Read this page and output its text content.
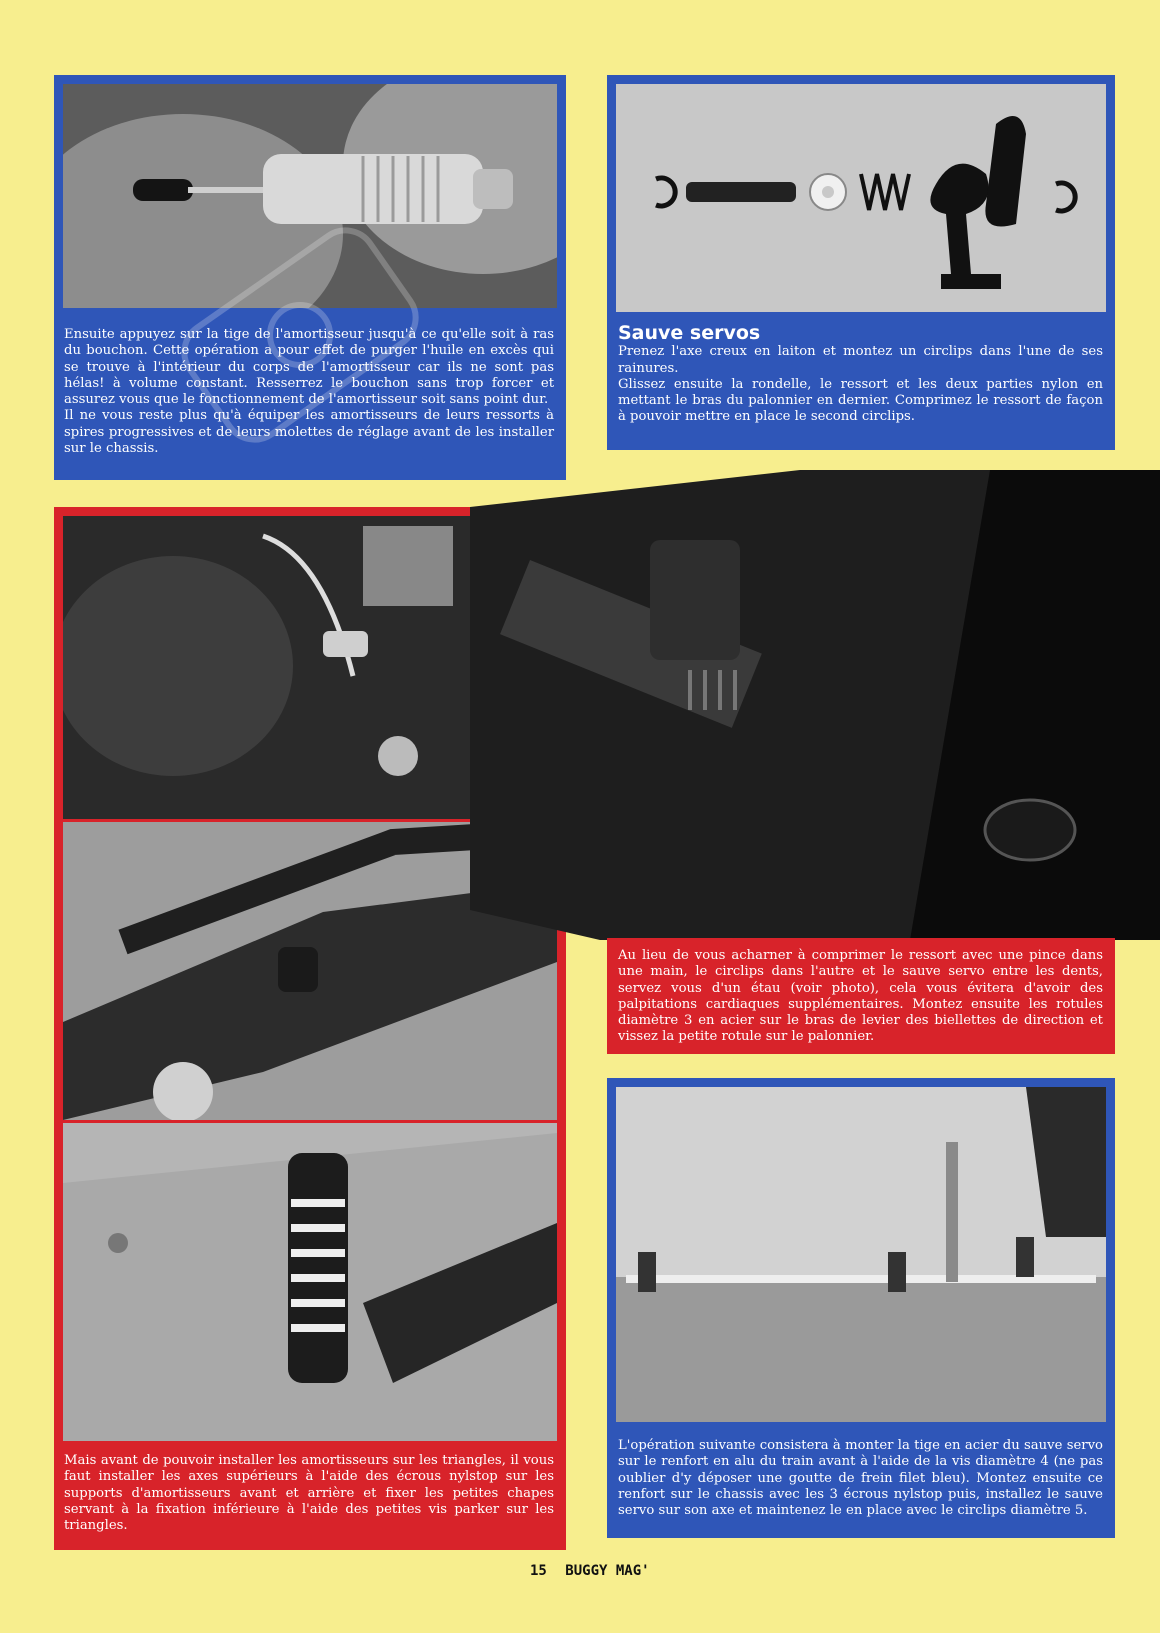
Ensuite appuyez sur la tige de l'amortisseur jusqu'à ce qu'elle soit à ras du bouchon. Cette opération a pour effet de purger l'huile en excès qui se trouve à l'intérieur du corps de l'amortisseur car ils ne sont pas hélas! à volume constant. Resserrez le bouchon sans trop forcer et assurez vous que le fonctionnement de l'amortisseur soit sans point dur.

Il ne vous reste plus qu'à équiper les amortisseurs de leurs ressorts à spires progressives et de leurs molettes de réglage avant de les installer sur le chassis.

Sauve servos

Prenez l'axe creux en laiton et montez un circlips dans l'une de ses rainures.

Glissez ensuite la rondelle, le ressort et les deux parties nylon en mettant le bras du palonnier en dernier. Comprimez le ressort de façon à pouvoir mettre en place le second circlips.

Mais avant de pouvoir installer les amortisseurs sur les triangles, il vous faut installer les axes supérieurs à l'aide des écrous nylstop sur les supports d'amortisseurs avant et arrière et fixer les petites chapes servant à la fixation inférieure à l'aide des petites vis parker sur les triangles.

Au lieu de vous acharner à comprimer le ressort avec une pince dans une main, le circlips dans l'autre et le sauve servo entre les dents, servez vous d'un étau (voir photo), cela vous évitera d'avoir des palpitations cardiaques supplémentaires. Montez ensuite les rotules diamètre 3 en acier sur le bras de levier des biellettes de direction et vissez la petite rotule sur le palonnier.

L'opération suivante consistera à monter la tige en acier du sauve servo sur le renfort en alu du train avant à l'aide de la vis diamètre 4 (ne pas oublier d'y déposer une goutte de frein filet bleu). Montez ensuite ce renfort sur le chassis avec les 3 écrous nylstop puis, installez le sauve servo sur son axe et maintenez le en place avec le circlips diamètre 5.

15 BUGGY MAG'
